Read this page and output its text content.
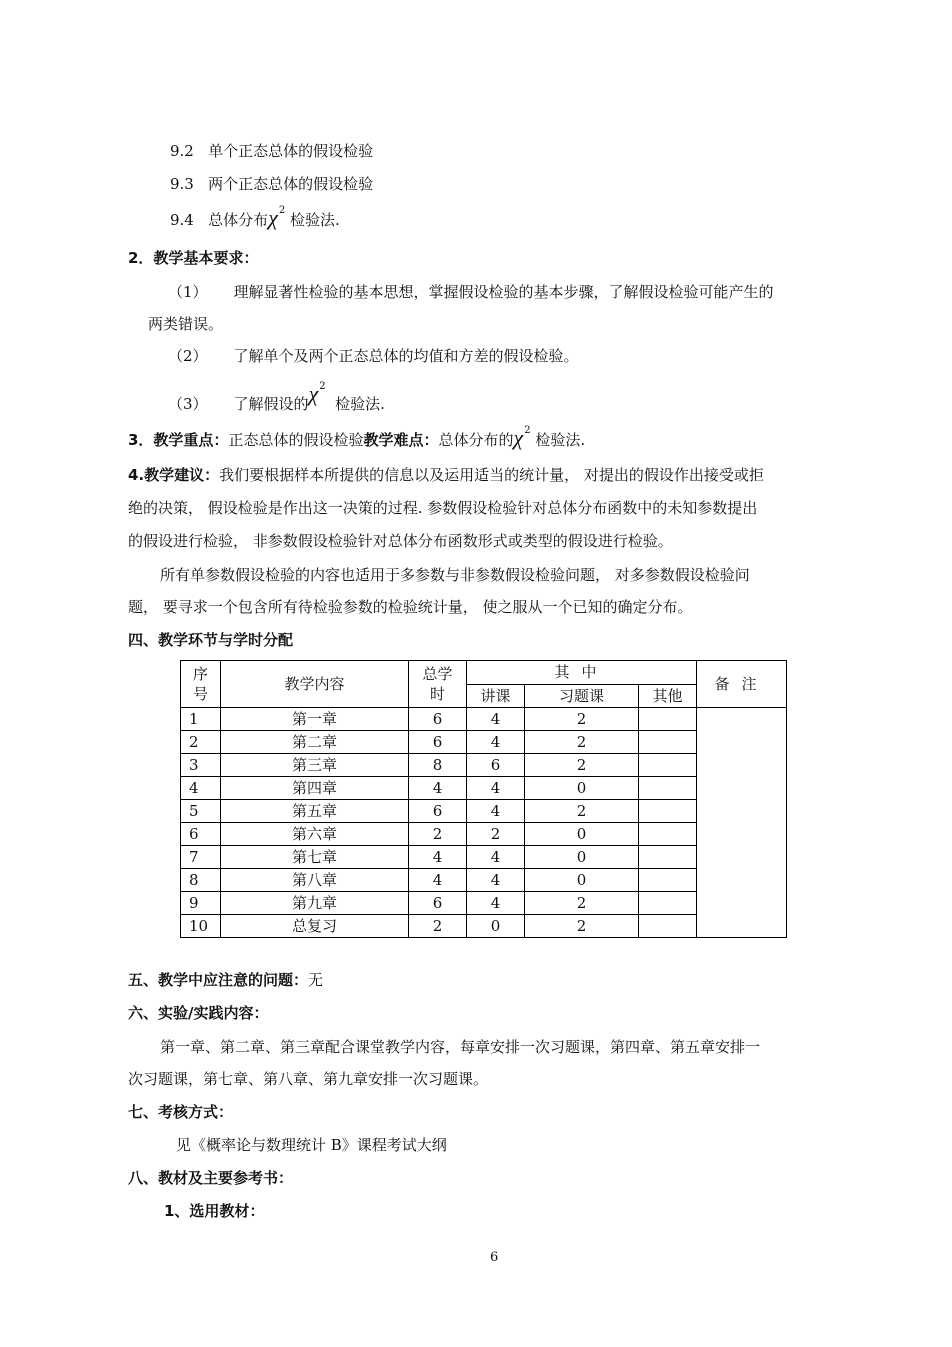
9.2 单个正态总体的假设检验
9.3 两个正态总体的假设检验
9.4 总体分布$\chi^2$ 检验法.
2．教学基本要求：
（1） 理解显著性检验的基本思想，掌握假设检验的基本步骤，了解假设检验可能产生的
两类错误。
（2） 了解单个及两个正态总体的均值和方差的假设检验。
（3） 了解假设的$\chi^2$  检验法.
3．教学重点：正态总体的假设检验教学难点：总体分布的$\chi^2$ 检验法.
4.教学建议：我们要根据样本所提供的信息以及运用适当的统计量， 对提出的假设作出接受或拒
绝的决策， 假设检验是作出这一决策的过程. 参数假设检验针对总体分布函数中的未知参数提出
的假设进行检验， 非参数假设检验针对总体分布函数形式或类型的假设进行检验。
所有单参数假设检验的内容也适用于多参数与非参数假设检验问题， 对多参数假设检验问
题， 要寻求一个包含所有待检验参数的检验统计量， 使之服从一个已知的确定分布。
四、教学环节与学时分配
序
号	教学内容	总学
时	其中			备注
			讲课	习题课	其他	
1	第一章	6	4	2		
2	第二章	6	4	2		
3	第三章	8	6	2		
4	第四章	4	4	0		
5	第五章	6	4	2		
6	第六章	2	2	0		
7	第七章	4	4	0		
8	第八章	4	4	0		
9	第九章	6	4	2		
10	总复习	2	0	2		
五、教学中应注意的问题：无
六、实验/实践内容：
第一章、第二章、第三章配合课堂教学内容，每章安排一次习题课，第四章、第五章安排一
次习题课，第七章、第八章、第九章安排一次习题课。
七、考核方式：
见《概率论与数理统计 B》课程考试大纲
八、教材及主要参考书：
1、选用教材：
6
